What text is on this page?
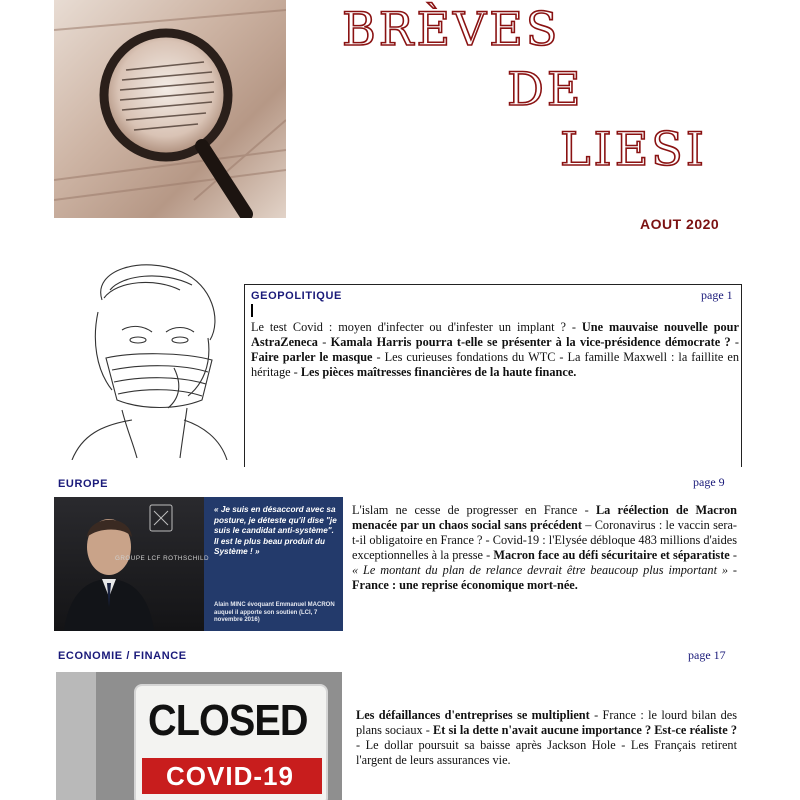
BRÈVES
DE
LIESI
AOUT 2020
GEOPOLITIQUE	page 1
Le test Covid : moyen d'infecter ou d'infester un implant ? - Une mauvaise nouvelle pour AstraZeneca - Kamala Harris pourra t-elle se présenter à la vice-présidence démocrate ? - Faire parler le masque - Les curieuses fondations du WTC - La famille Maxwell : la faillite en héritage - Les pièces maîtresses financières de la haute finance.
EUROPE	page 9
« Je suis en désaccord avec sa posture, je déteste qu'il dise "je suis le candidat anti-système". Il est le plus beau produit du Système ! »
Alain MINC évoquant Emmanuel MACRON auquel il apporte son soutien (LCI, 7 novembre 2016)
GROUPE LCF ROTHSCHILD
L'islam ne cesse de progresser en France - La réélection de Macron menacée par un chaos social sans précédent – Coronavirus : le vaccin sera-t-il obligatoire en France ? - Covid-19 : l'Elysée débloque 483 millions d'aides exceptionnelles à la presse - Macron face au défi sécuritaire et séparatiste - « Le montant du plan de relance devrait être beaucoup plus important » - France : une reprise économique mort-née.
ECONOMIE / FINANCE	page 17
CLOSED
COVID-19
Les défaillances d'entreprises se multiplient - France : le lourd bilan des plans sociaux - Et si la dette n'avait aucune importance ? Est-ce réaliste ? - Le dollar poursuit sa baisse après Jackson Hole - Les Français retirent l'argent de leurs assurances vie.
